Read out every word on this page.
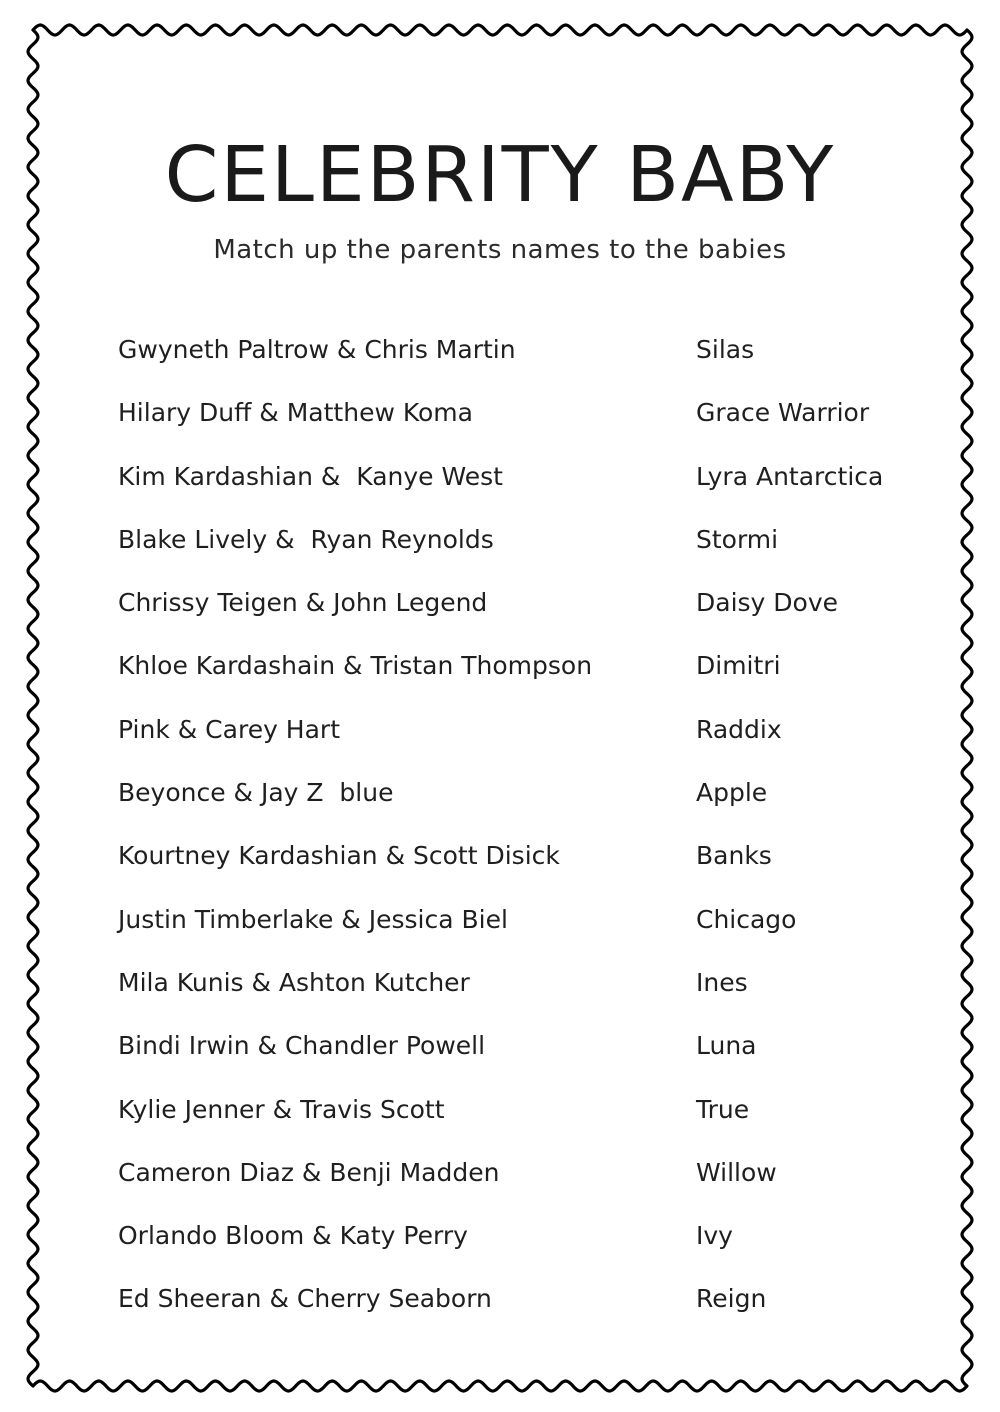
CELEBRITY BABY
Match up the parents names to the babies
Gwyneth Paltrow & Chris Martin	Silas
Hilary Duff & Matthew Koma	Grace Warrior
Kim Kardashian &  Kanye West	Lyra Antarctica
Blake Lively &  Ryan Reynolds	Stormi
Chrissy Teigen & John Legend	Daisy Dove
Khloe Kardashain & Tristan Thompson	Dimitri
Pink & Carey Hart	Raddix
Beyonce & Jay Z  blue	Apple
Kourtney Kardashian & Scott Disick	Banks
Justin Timberlake & Jessica Biel	Chicago
Mila Kunis & Ashton Kutcher	Ines
Bindi Irwin & Chandler Powell	Luna
Kylie Jenner & Travis Scott	True
Cameron Diaz & Benji Madden	Willow
Orlando Bloom & Katy Perry	Ivy
Ed Sheeran & Cherry Seaborn	Reign
